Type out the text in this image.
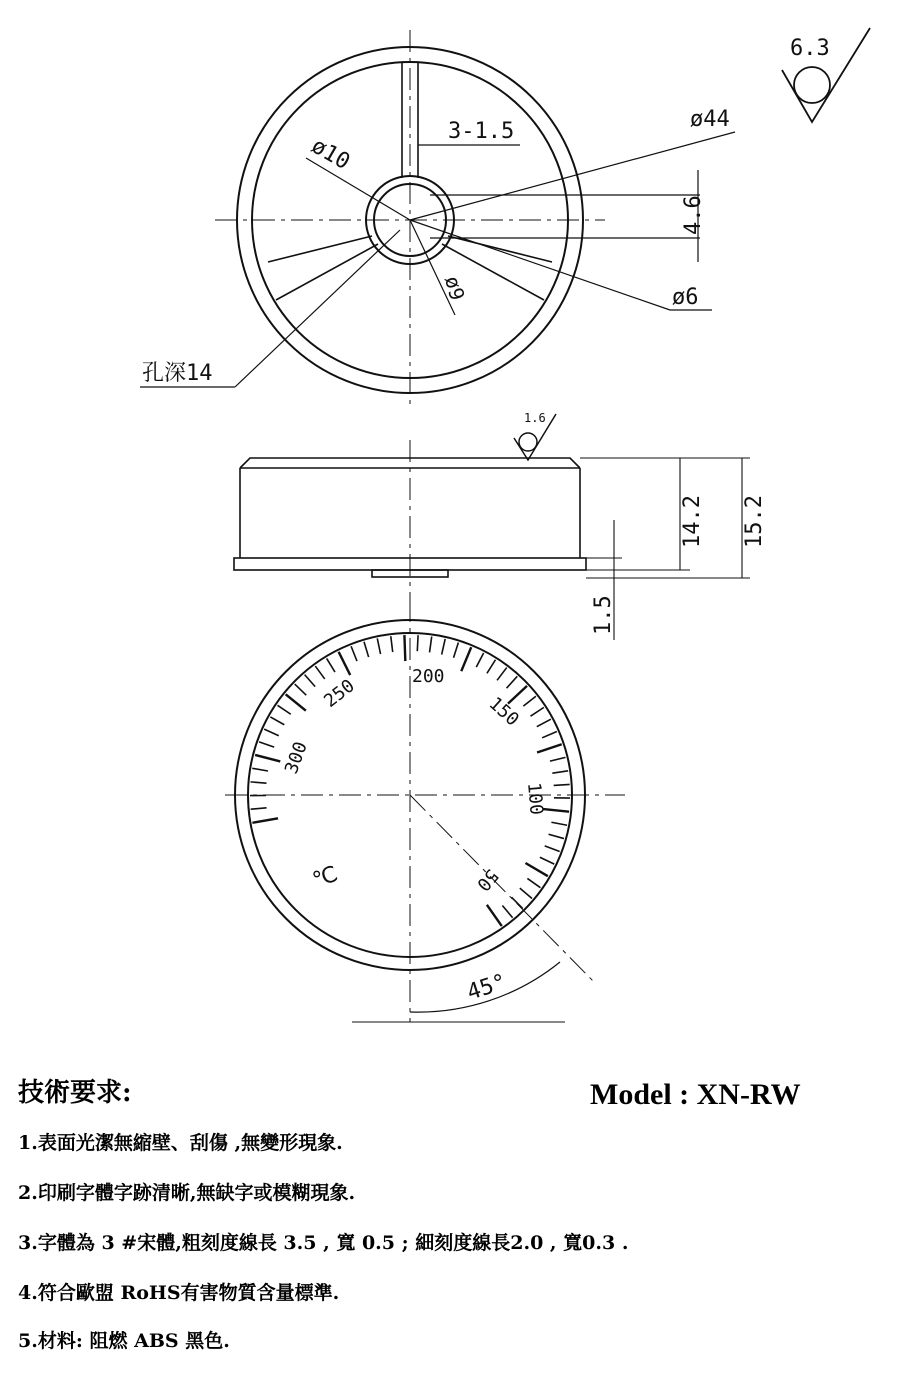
ø44
3-1.5
ø10
4.6
ø6
ø9
孔深14
1.6
6.3
14.2 15.2
1.5
300
250	200
150
100
50
℃
45°
技術要求:	Model : XN-RW
1.表面光潔無縮壁、刮傷 ,無變形現象.
2.印刷字體字跡清晰,無缺字或模糊現象.
3.字體為 3 #宋體,粗刻度線長 3.5 , 寬 0.5 ; 細刻度線長2.0 , 寬0.3 .
4.符合歐盟 RoHS有害物質含量標準.
5.材料: 阻燃 ABS 黑色.
